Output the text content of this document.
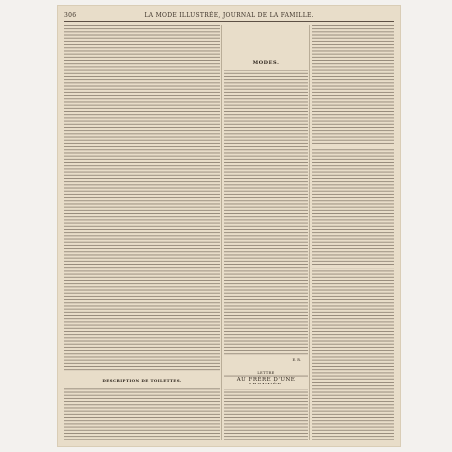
306	LA MODE ILLUSTRÉE, JOURNAL DE LA FAMILLE.
DESCRIPTION DE TOILETTES.
MODES.
E. R.
LETTRE
AU FRÈRE D'UNE
